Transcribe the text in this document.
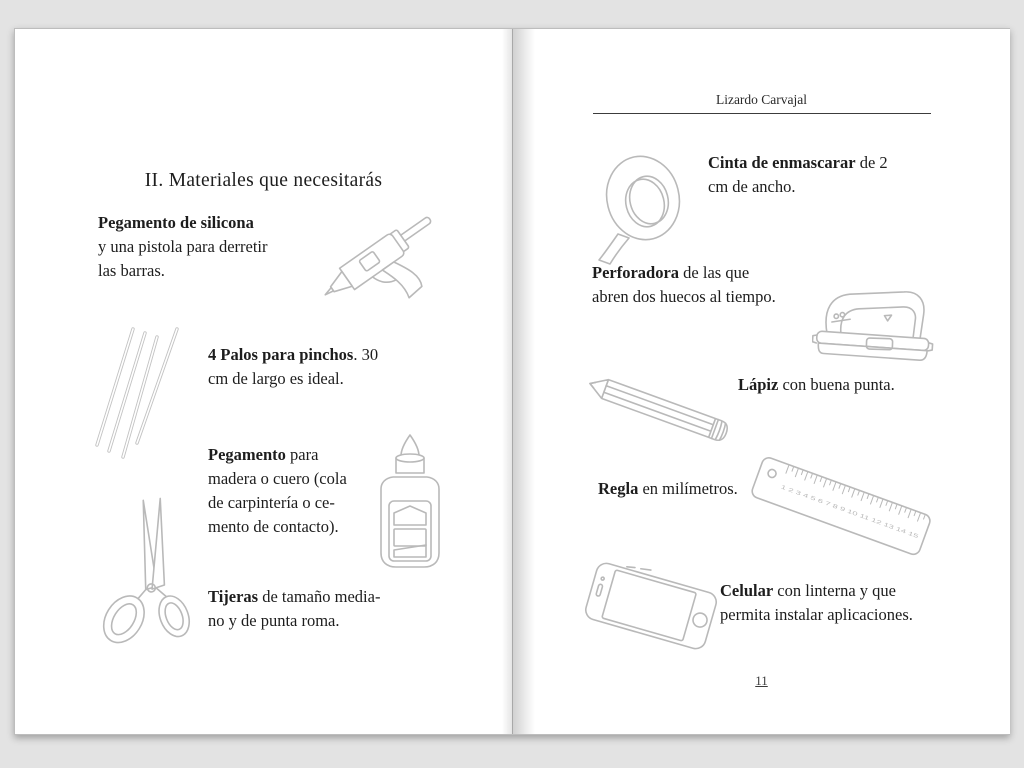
II. Materiales que necesitarás
Pegamento de silicona
y una pistola para derretir
las barras.
4 Palos para pinchos. 30
cm de largo es ideal.
Pegamento para
madera o cuero (cola
de carpintería o ce-
mento de contacto).
Tijeras de tamaño media-
no y de punta roma.
Lizardo Carvajal
Cinta de enmascarar de 2
cm de ancho.
Perforadora de las que
abren dos huecos al tiempo.
Lápiz con buena punta.
Regla en milímetros.	1 2 3 4 5 6 7 8 9 10 11 12 13 14 15
Celular con linterna y que
permita instalar aplicaciones.
11
